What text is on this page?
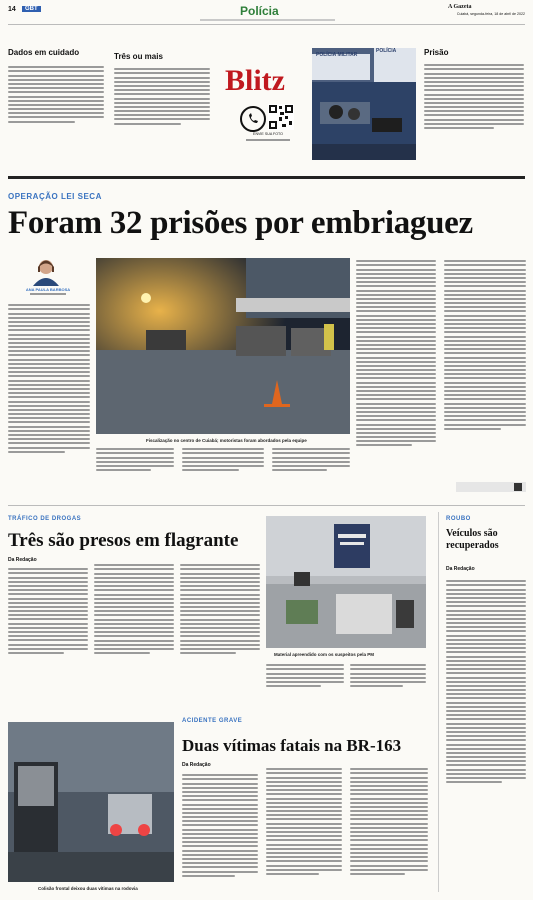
14	GBT	Polícia	A Gazeta
Cuiabá, segunda-feira, 18 de abril de 2022
Dados em cuidado	Três ou mais
Blitz
ENVIE SUA FOTO
POLÍCIA MILITAR
POLÍCIA	Prisão
OPERAÇÃO LEI SECA
Foram 32 prisões por embriaguez
ANA PAULA BARBOSA
Fiscalização no centro de Cuiabá; motoristas foram abordados pela equipe
TRÁFICO DE DROGAS
Três são presos em flagrante
Da Redação
Material apreendido com os suspeitos pela PM
ROUBO
Veículos são recuperados
Da Redação
Colisão frontal deixou duas vítimas na rodovia
ACIDENTE GRAVE
Duas vítimas fatais na BR-163
Da Redação
